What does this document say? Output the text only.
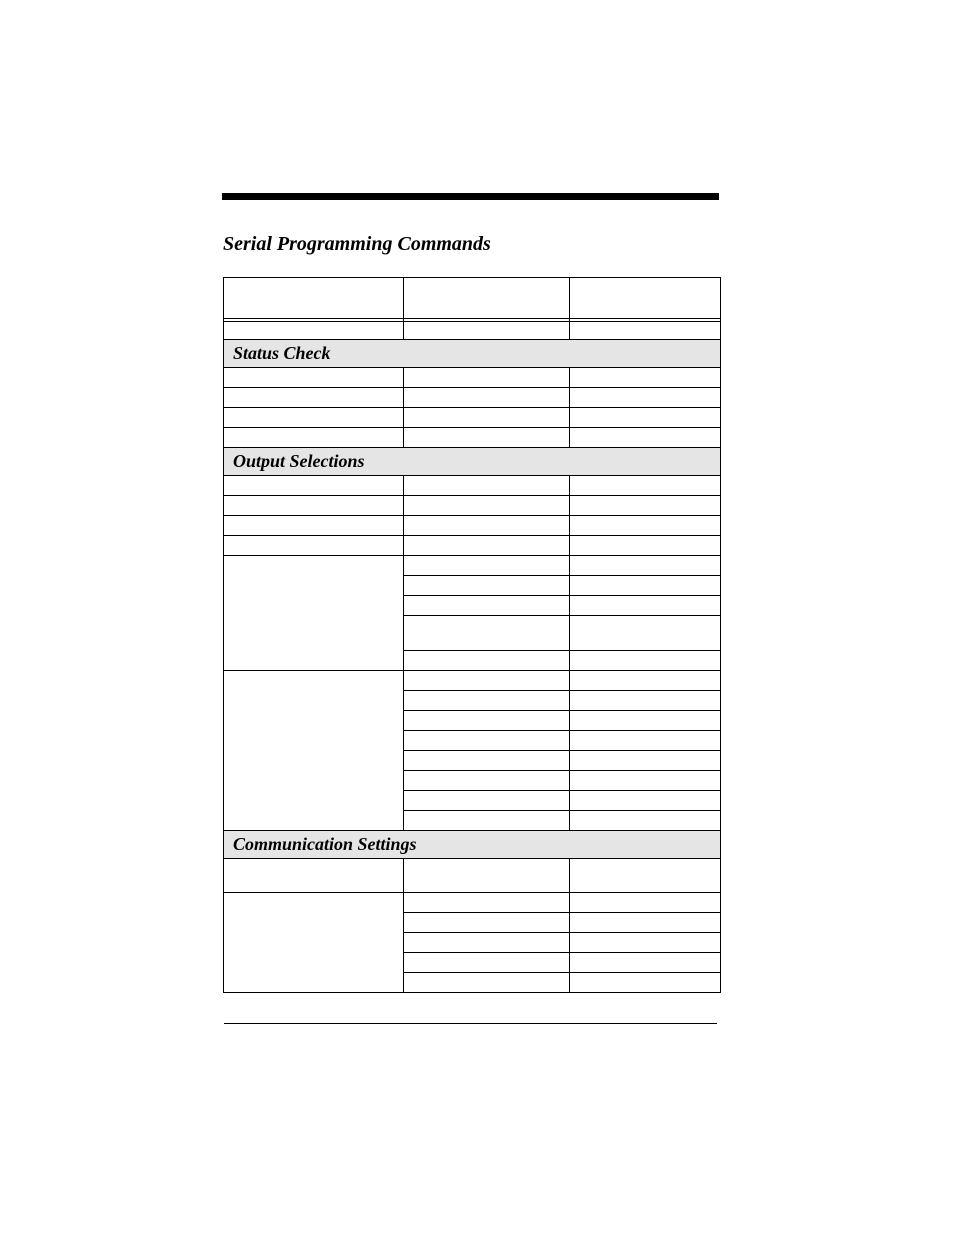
Serial Programming Commands

Status Check		

Output Selections		

Communication Settings		
